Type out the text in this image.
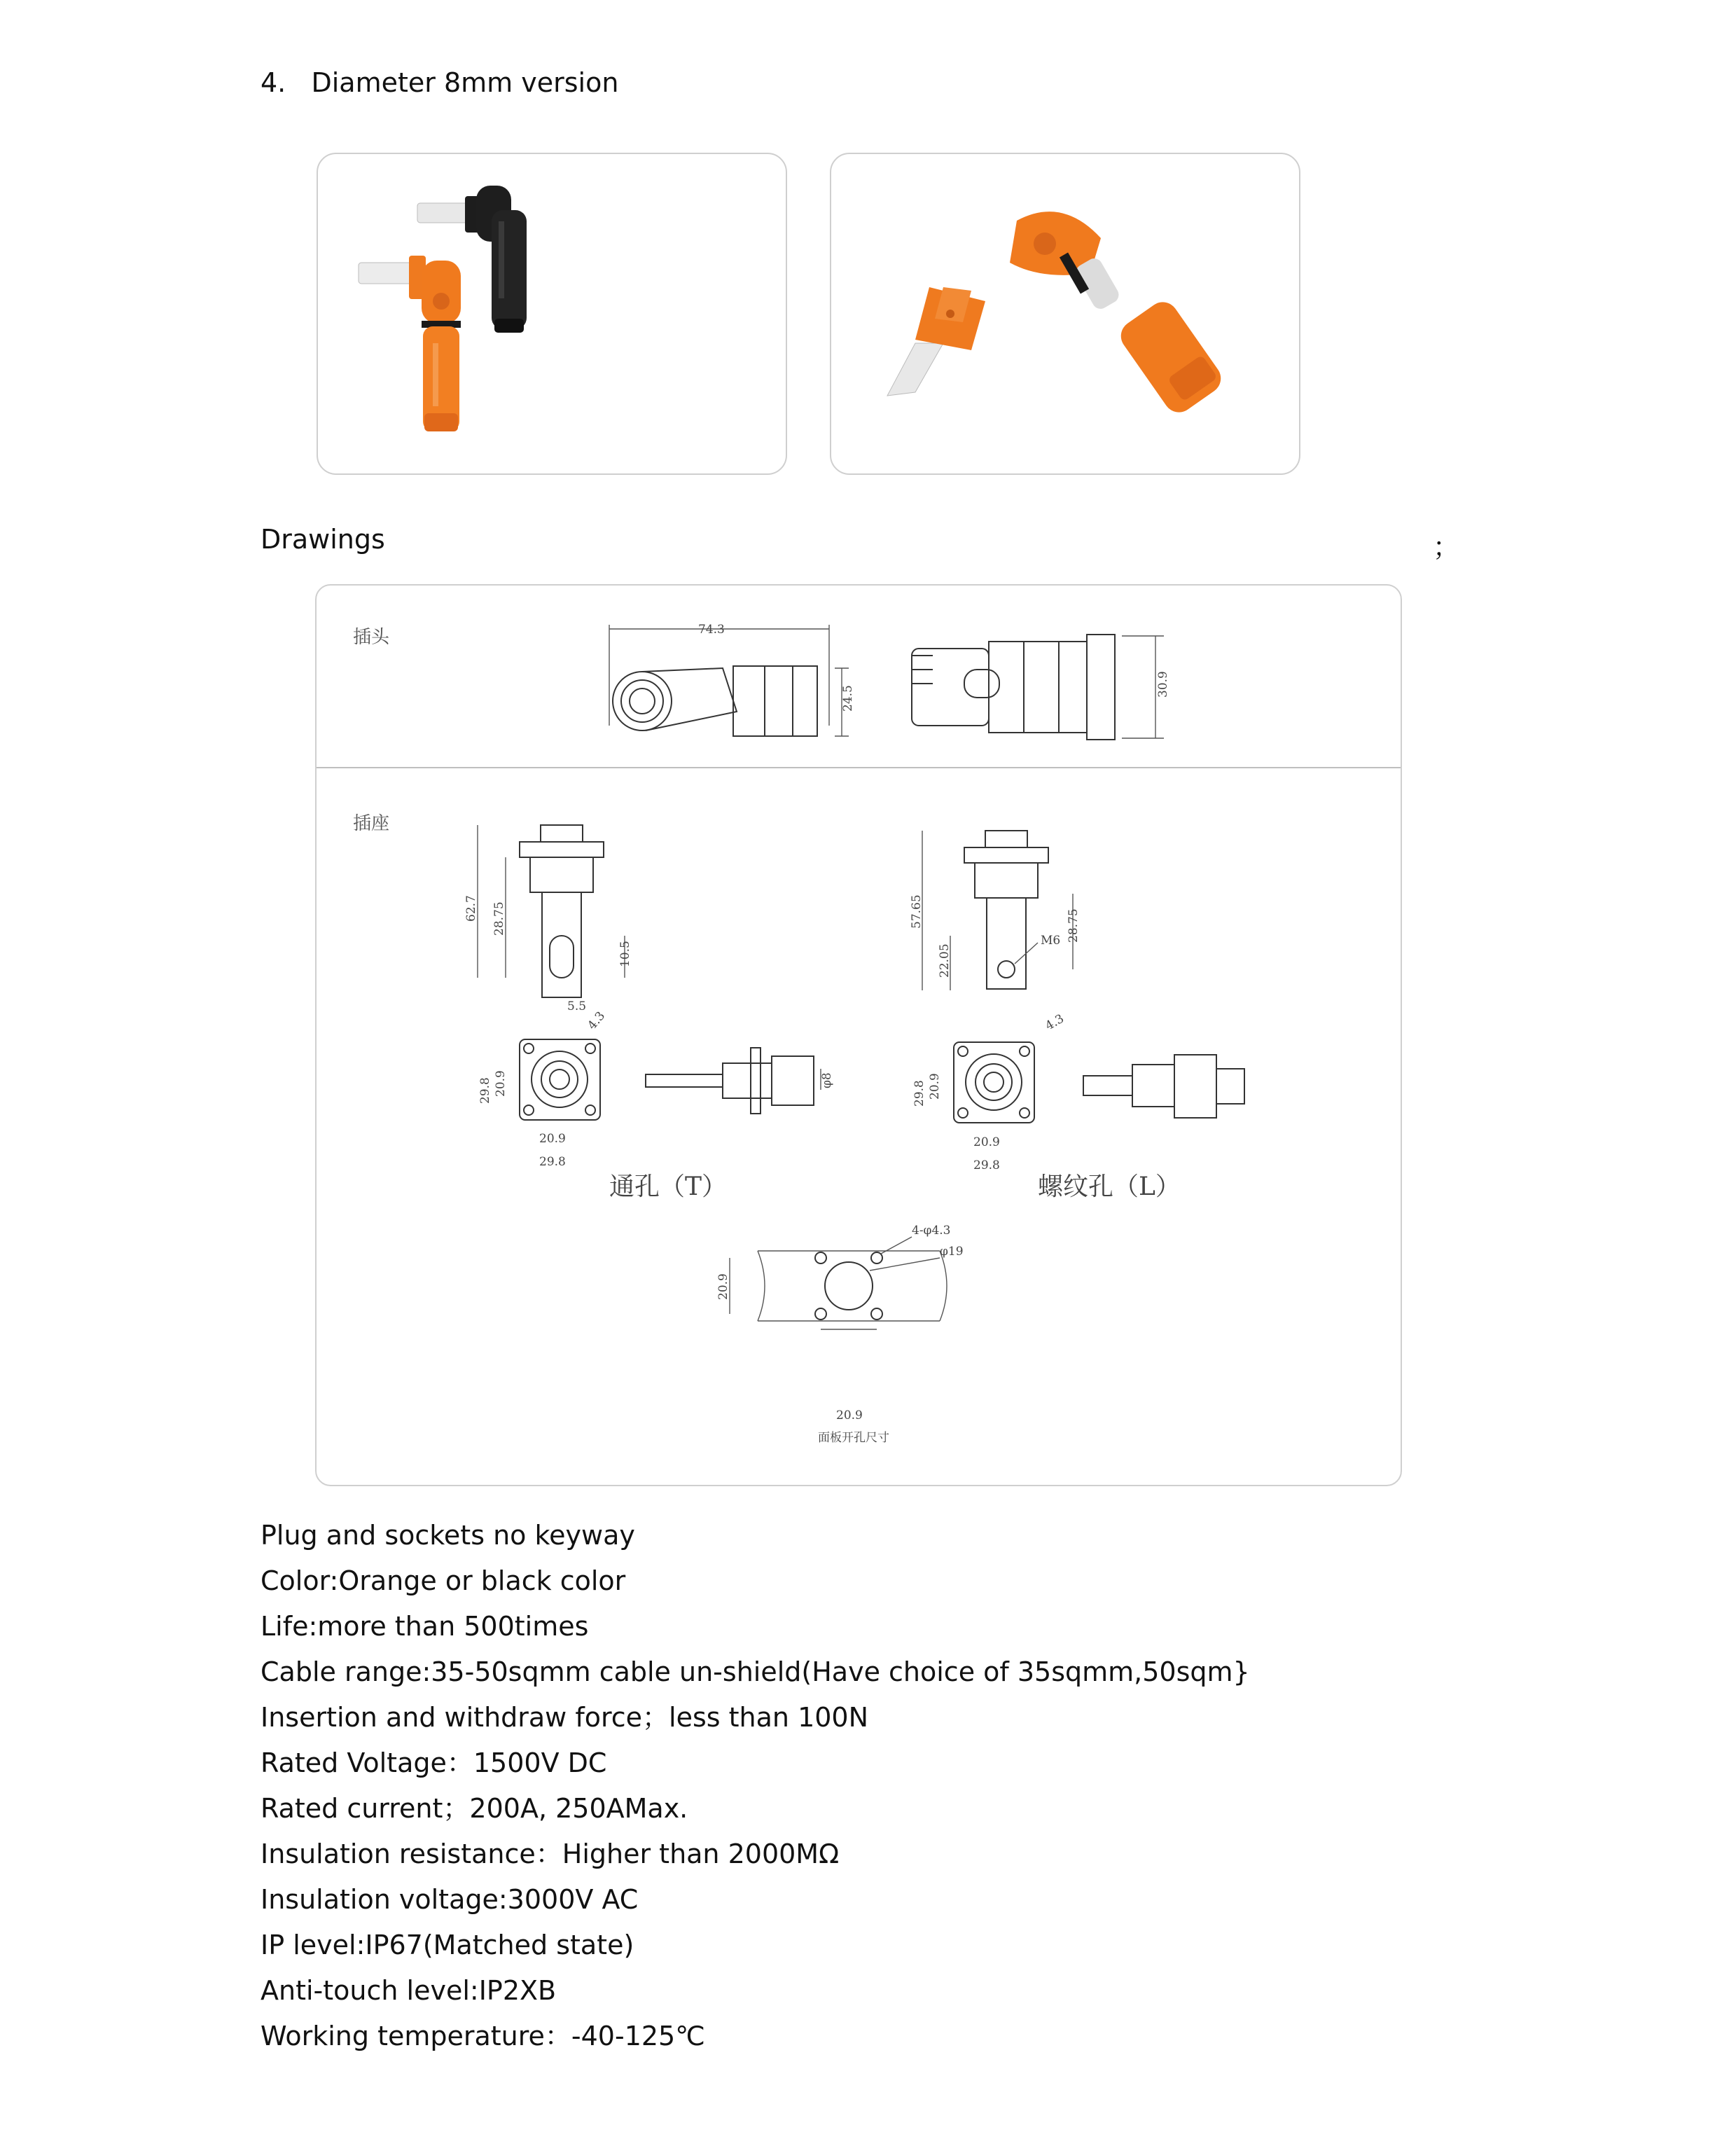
4.   Diameter 8mm version
Drawings	；
插头
插座
74.3
24.5
30.9
62.7 28.75
10.5
5.5
4.3
29.8 20.9
20.9
29.8
φ8
通孔（T）
57.65
22.05
28.75
M6
4.3
29.8 20.9
20.9
29.8
螺纹孔（L）
4-φ4.3
φ19
20.9
20.9
面板开孔尺寸
Plug and sockets no keyway
Color:Orange or black color
Life:more than 500times
Cable range:35-50sqmm cable un-shield(Have choice of 35sqmm,50sqm}
Insertion and withdraw force；less than 100N
Rated Voltage：1500V DC
Rated current；200A, 250AMax.
Insulation resistance：Higher than 2000MΩ
Insulation voltage:3000V AC
IP level:IP67(Matched state)
Anti-touch level:IP2XB
Working temperature：-40-125℃
